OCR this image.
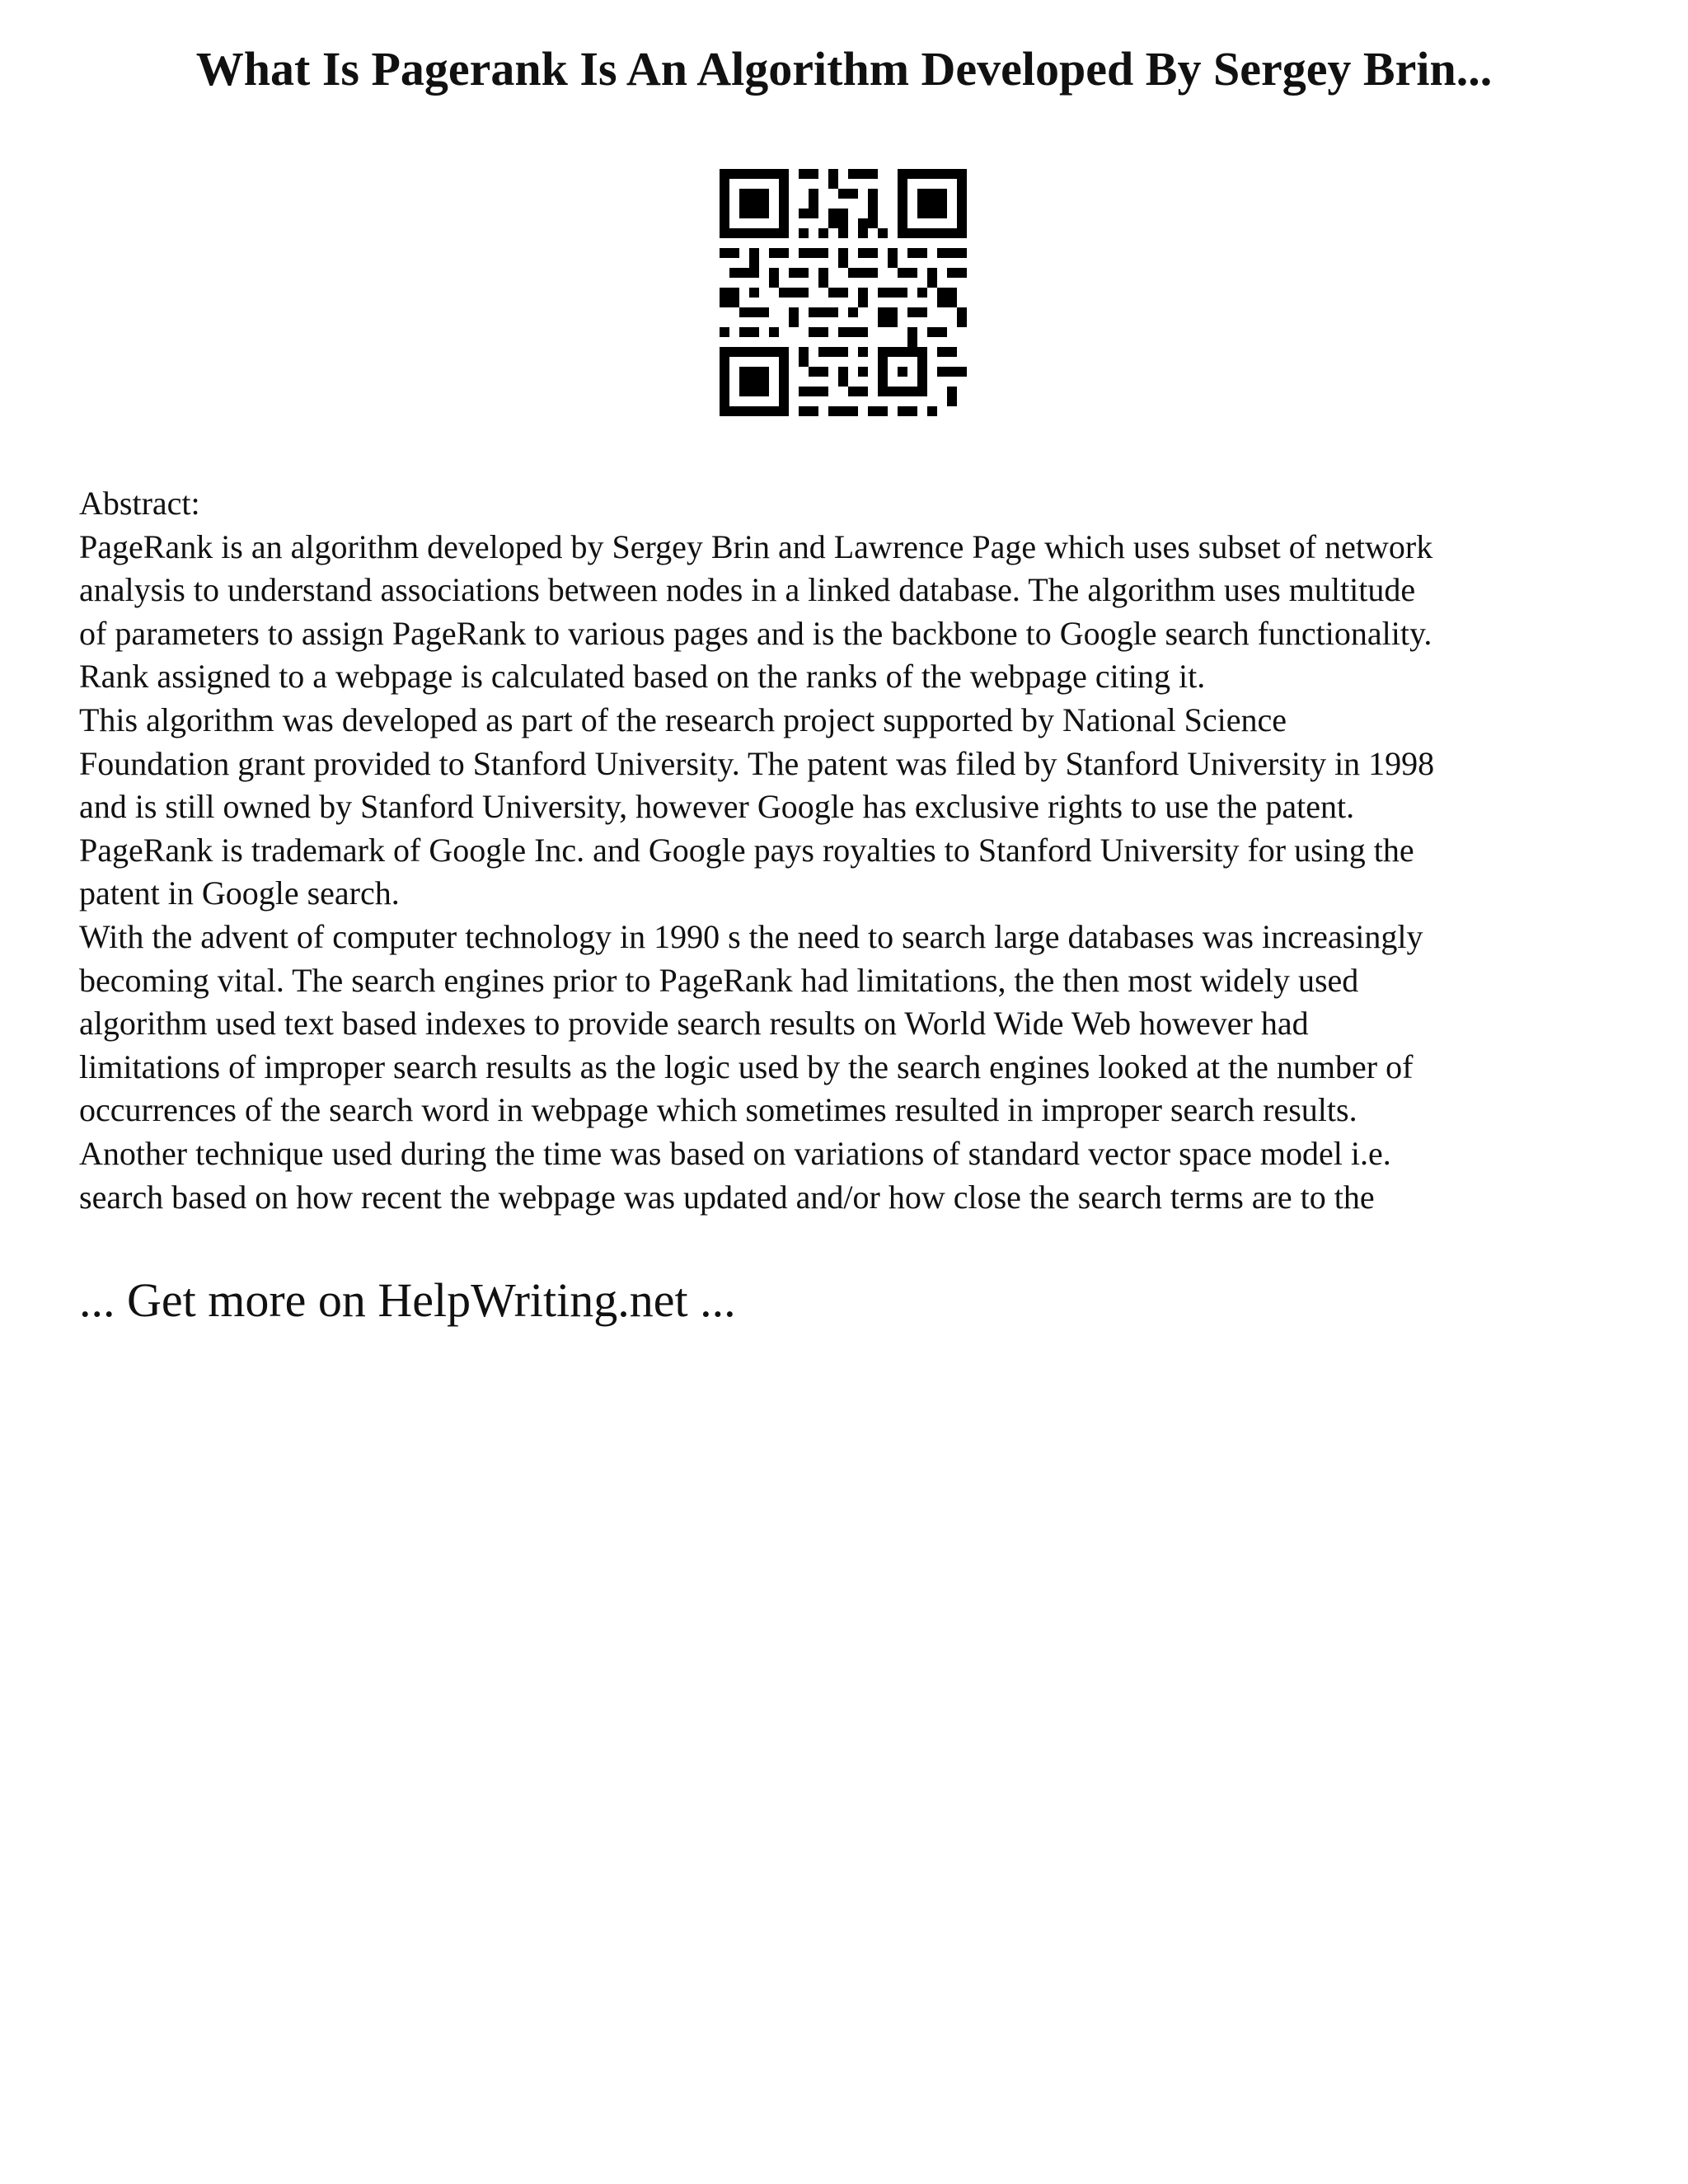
What Is Pagerank Is An Algorithm Developed By Sergey Brin...
Abstract:
PageRank is an algorithm developed by Sergey Brin and Lawrence Page which uses subset of network
analysis to understand associations between nodes in a linked database. The algorithm uses multitude
of parameters to assign PageRank to various pages and is the backbone to Google search functionality.
Rank assigned to a webpage is calculated based on the ranks of the webpage citing it.
This algorithm was developed as part of the research project supported by National Science
Foundation grant provided to Stanford University. The patent was filed by Stanford University in 1998
and is still owned by Stanford University, however Google has exclusive rights to use the patent.
PageRank is trademark of Google Inc. and Google pays royalties to Stanford University for using the
patent in Google search.
With the advent of computer technology in 1990 s the need to search large databases was increasingly
becoming vital. The search engines prior to PageRank had limitations, the then most widely used
algorithm used text based indexes to provide search results on World Wide Web however had
limitations of improper search results as the logic used by the search engines looked at the number of
occurrences of the search word in webpage which sometimes resulted in improper search results.
Another technique used during the time was based on variations of standard vector space model i.e.
search based on how recent the webpage was updated and/or how close the search terms are to the
... Get more on HelpWriting.net ...
